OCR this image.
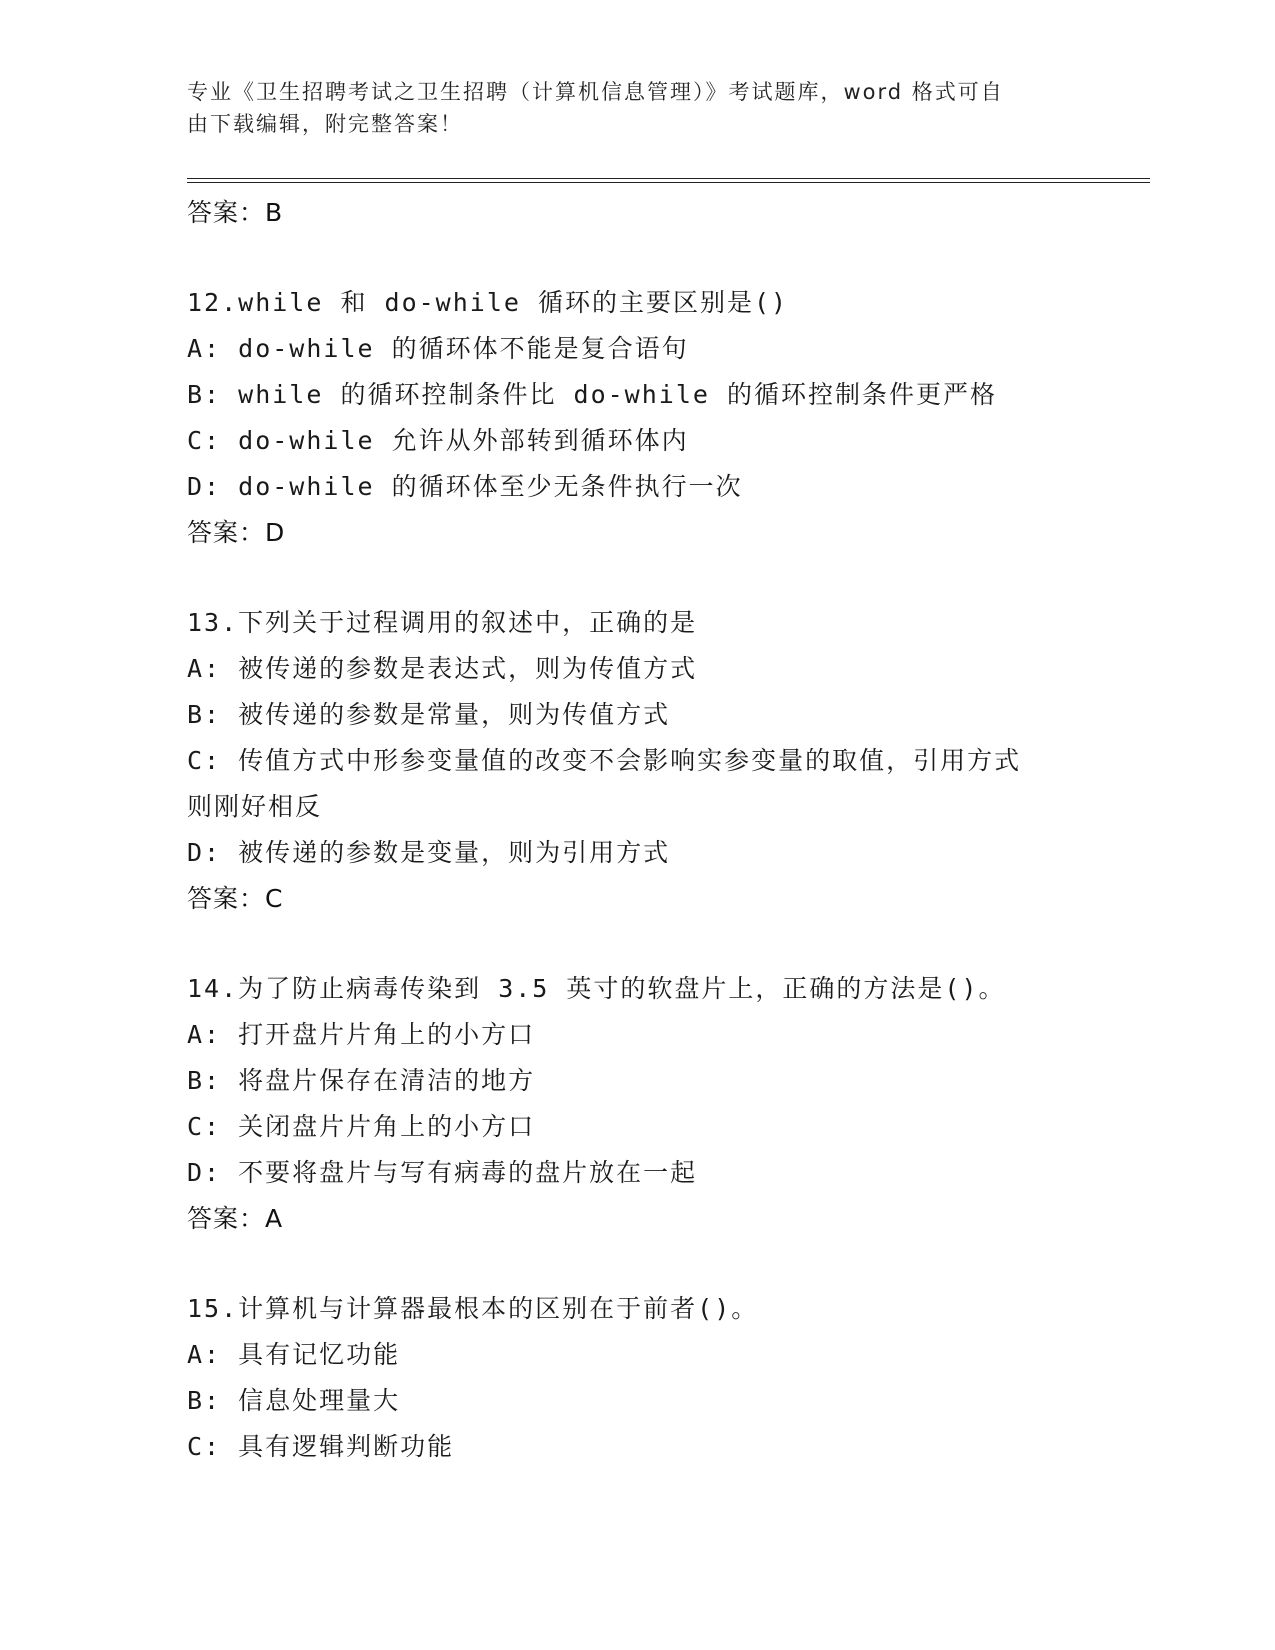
专业《卫生招聘考试之卫生招聘（计算机信息管理）》考试题库，word 格式可自
由下载编辑，附完整答案！
答案：B
12.while 和 do-while 循环的主要区别是()
A: do-while 的循环体不能是复合语句
B: while 的循环控制条件比 do-while 的循环控制条件更严格
C: do-while 允许从外部转到循环体内
D: do-while 的循环体至少无条件执行一次
答案：D
13.下列关于过程调用的叙述中，正确的是
A: 被传递的参数是表达式，则为传值方式
B: 被传递的参数是常量，则为传值方式
C: 传值方式中形参变量值的改变不会影响实参变量的取值，引用方式
则刚好相反
D: 被传递的参数是变量，则为引用方式
答案：C
14.为了防止病毒传染到 3.5 英寸的软盘片上，正确的方法是()。
A: 打开盘片片角上的小方口
B: 将盘片保存在清洁的地方
C: 关闭盘片片角上的小方口
D: 不要将盘片与写有病毒的盘片放在一起
答案：A
15.计算机与计算器最根本的区别在于前者()。
A: 具有记忆功能
B: 信息处理量大
C: 具有逻辑判断功能
